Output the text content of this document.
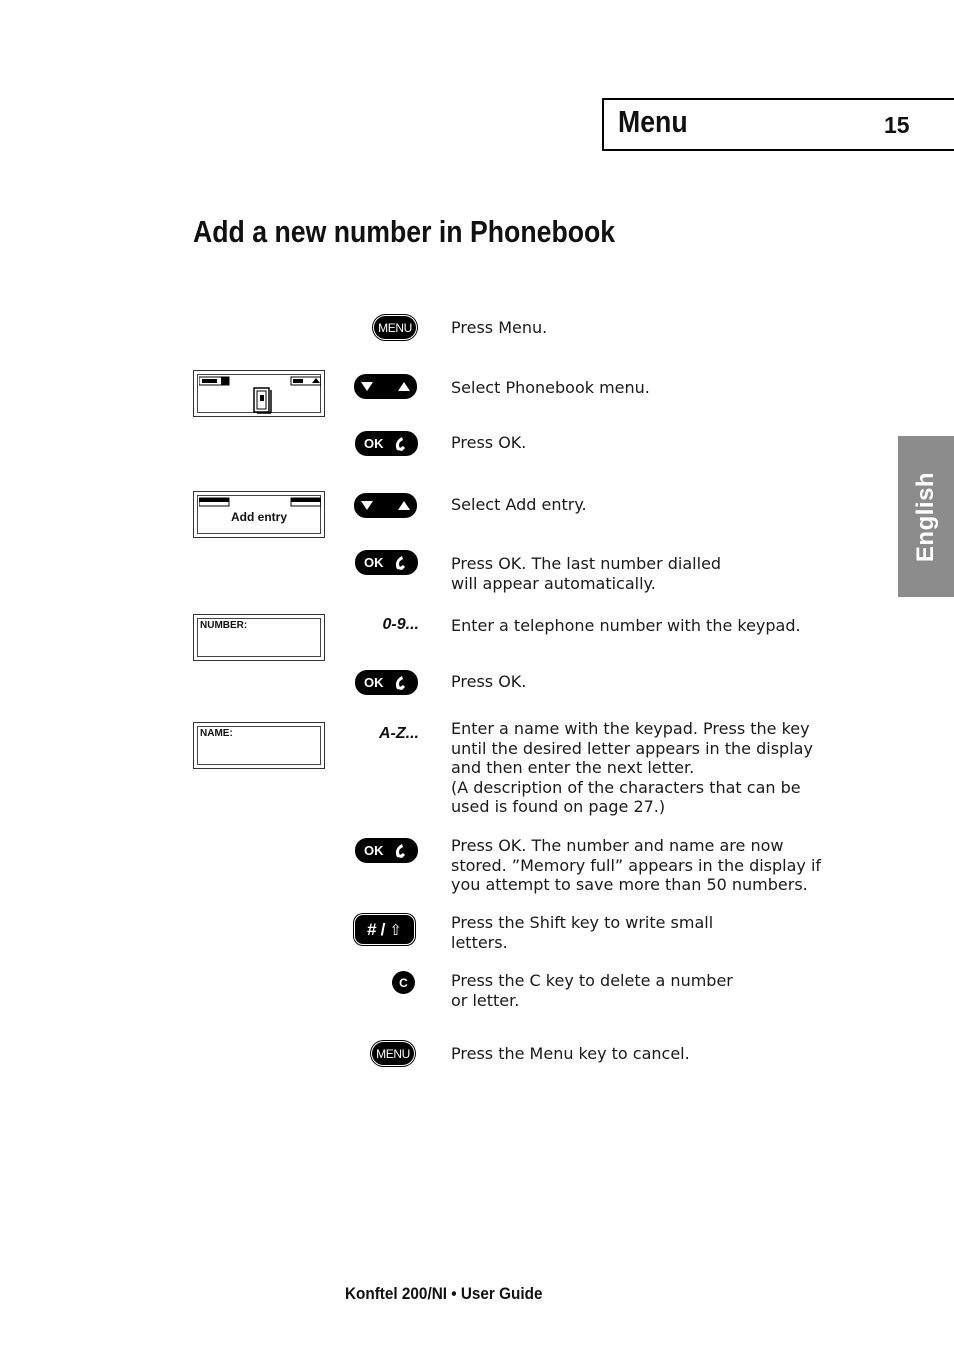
Menu	15
Add a new number in Phonebook
English
Add entry
NUMBER:
NAME:
MENU
OK
OK
0-9...
OK
A-Z...
OK
# / ⇧
C
MENU
Press Menu.
Select Phonebook menu.
Press OK.
Select Add entry.
Press OK. The last number dialled
will appear automatically.
Enter a telephone number with the keypad.
Press OK.
Enter a name with the keypad. Press the key
until the desired letter appears in the display
and then enter the next letter.
(A description of the characters that can be
used is found on page 27.)
Press OK. The number and name are now
stored. ”Memory full” appears in the display if
you attempt to save more than 50 numbers.
Press the Shift key to write small
letters.
Press the C key to delete a number
or letter.
Press the Menu key to cancel.
Konftel 200/NI • User Guide
